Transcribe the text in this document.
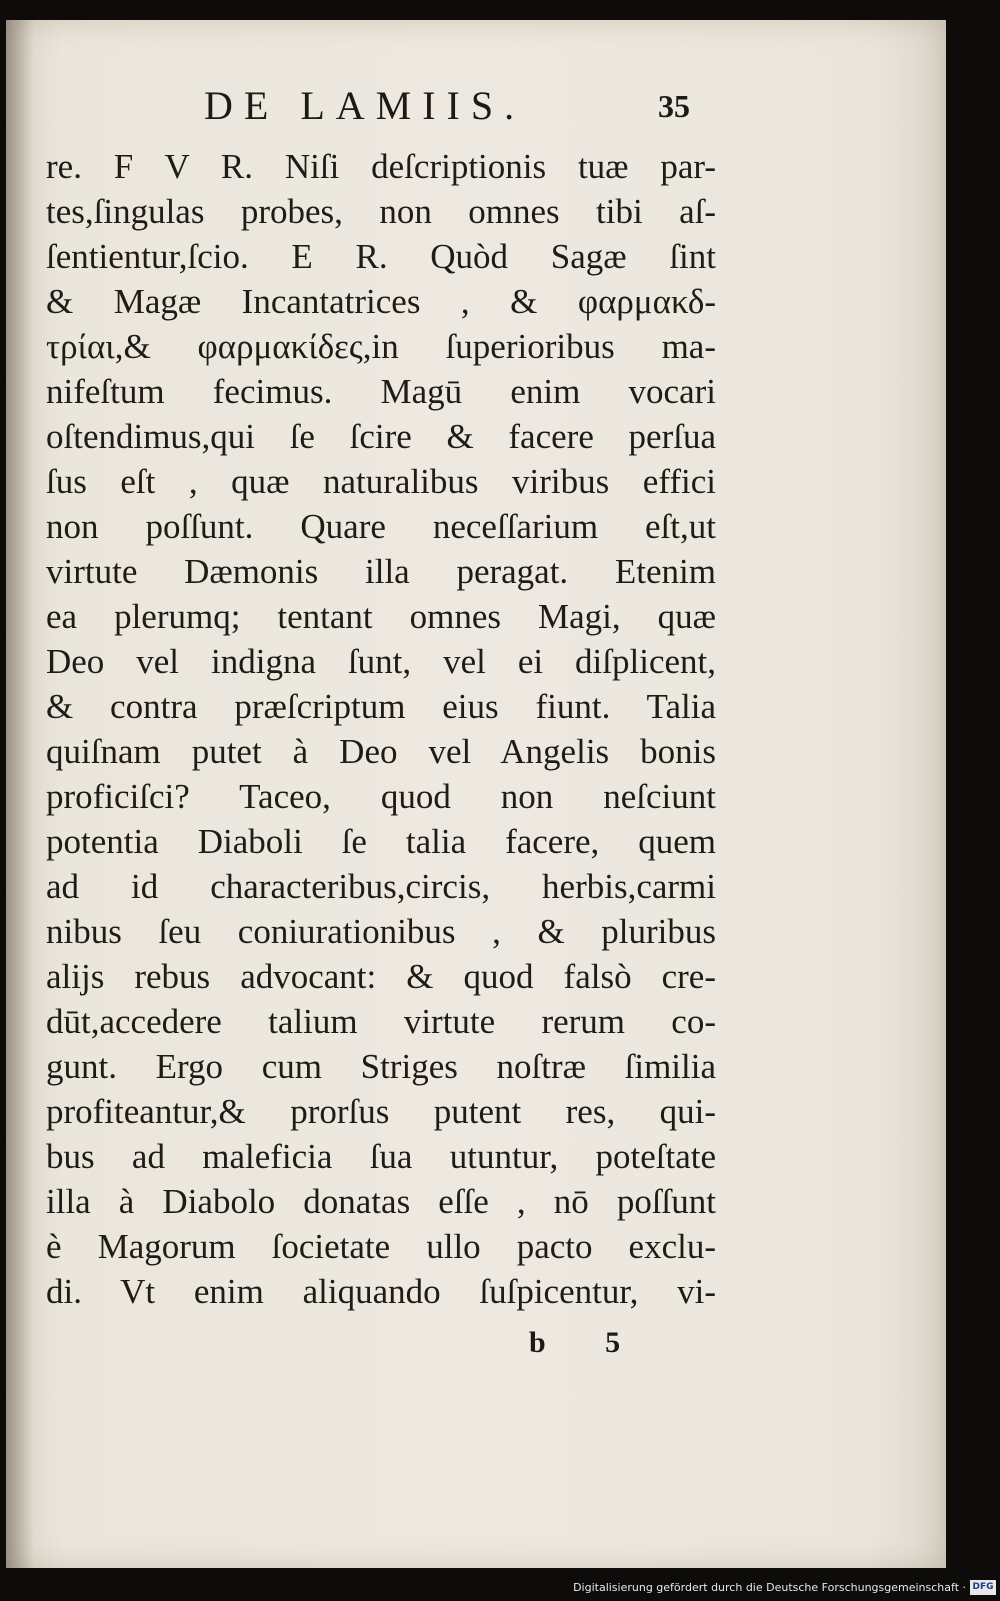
DE LAMIIS.	35
re. F V R. Niſi deſcriptionis tuæ par-
tes,ſingulas probes, non omnes tibi aſ-
ſentientur,ſcio. E R. Quòd Sagæ ſint
& Magæ Incantatrices , & φαρμακδ-
τρίαι,& φαρμακίδες,in ſuperioribus ma-
nifeſtum fecimus. Magū enim vocari
oſtendimus,qui ſe ſcire & facere perſua
ſus eſt , quæ naturalibus viribus effici
non poſſunt. Quare neceſſarium eſt,ut
virtute Dæmonis illa peragat. Etenim
ea plerumq; tentant omnes Magi, quæ
Deo vel indigna ſunt, vel ei diſplicent,
& contra præſcriptum eius fiunt. Talia
quiſnam putet à Deo vel Angelis bonis
proficiſci? Taceo, quod non neſciunt
potentia Diaboli ſe talia facere, quem
ad id characteribus,circis, herbis,carmi
nibus ſeu coniurationibus , & pluribus
alijs rebus advocant: & quod falsò cre-
dūt,accedere talium virtute rerum co-
gunt. Ergo cum Striges noſtræ ſimilia
profiteantur,& prorſus putent res, qui-
bus ad maleficia ſua utuntur, poteſtate
illa à Diabolo donatas eſſe , nō poſſunt
è Magorum ſocietate ullo pacto exclu-
di. Vt enim aliquando ſuſpicentur, vi-
b 5
Digitalisierung gefördert durch die Deutsche Forschungsgemeinschaft · DFG
